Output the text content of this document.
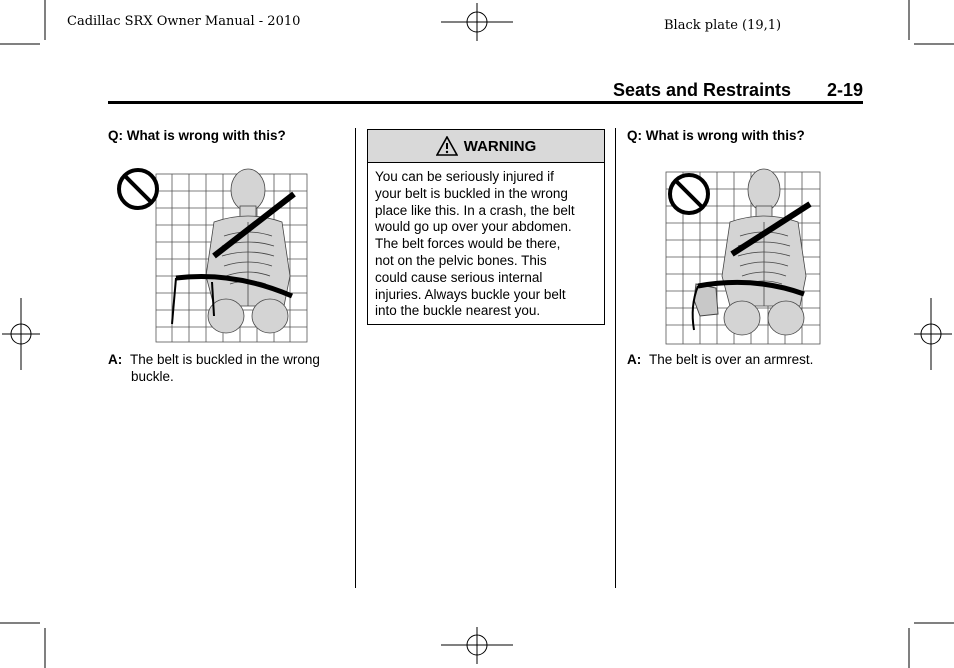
Cadillac SRX Owner Manual - 2010	Black plate (19,1)
Seats and Restraints 2-19
Q: What is wrong with this?
A: The belt is buckled in the wrong
buckle.
WARNING
You can be seriously injured if
your belt is buckled in the wrong
place like this. In a crash, the belt
would go up over your abdomen.
The belt forces would be there,
not on the pelvic bones. This
could cause serious internal
injuries. Always buckle your belt
into the buckle nearest you.
Q: What is wrong with this?
A: The belt is over an armrest.
